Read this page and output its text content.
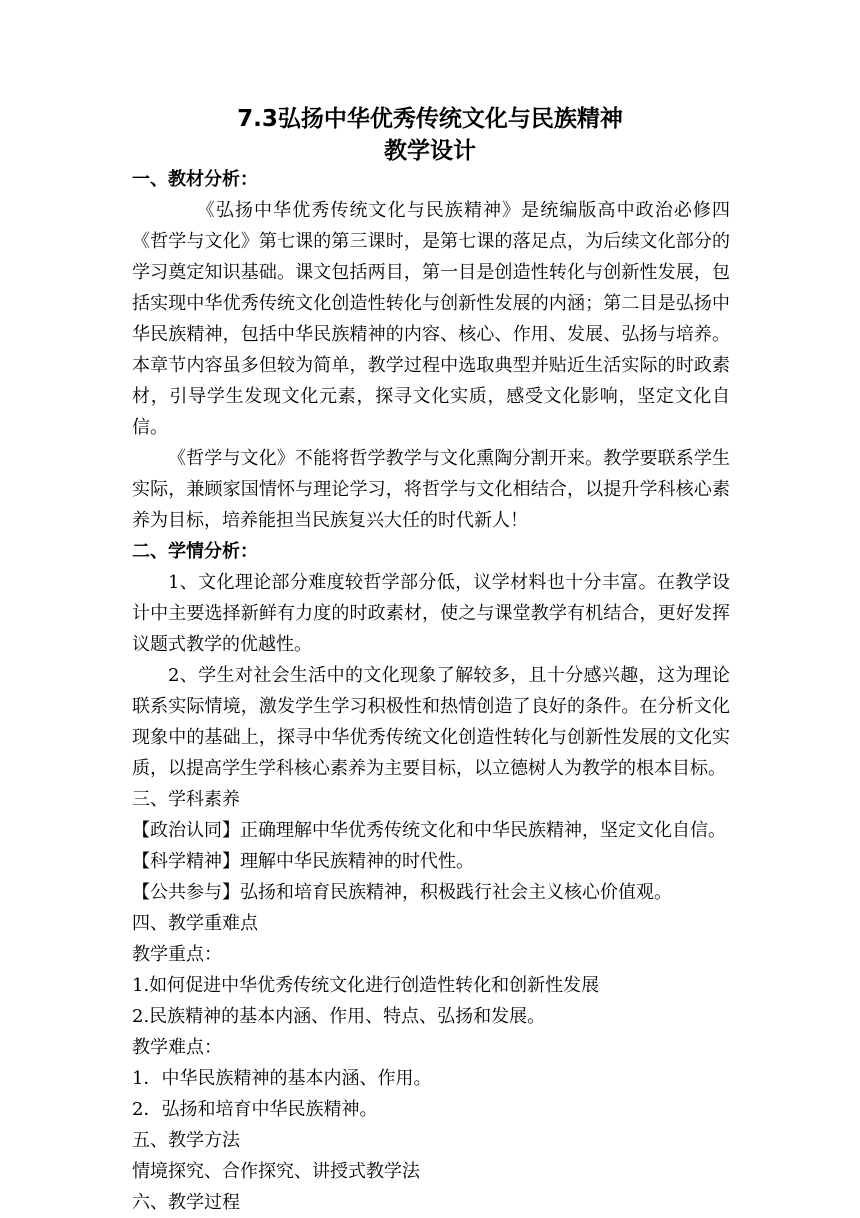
7.3弘扬中华优秀传统文化与民族精神
教学设计

一、教材分析：

《弘扬中华优秀传统文化与民族精神》是统编版高中政治必修四《哲学与文化》第七课的第三课时，是第七课的落足点，为后续文化部分的学习奠定知识基础。课文包括两目，第一目是创造性转化与创新性发展，包括实现中华优秀传统文化创造性转化与创新性发展的内涵；第二目是弘扬中华民族精神，包括中华民族精神的内容、核心、作用、发展、弘扬与培养。本章节内容虽多但较为简单，教学过程中选取典型并贴近生活实际的时政素材，引导学生发现文化元素，探寻文化实质，感受文化影响，坚定文化自信。

《哲学与文化》不能将哲学教学与文化熏陶分割开来。教学要联系学生实际，兼顾家国情怀与理论学习，将哲学与文化相结合，以提升学科核心素养为目标，培养能担当民族复兴大任的时代新人！

二、学情分析：

1、文化理论部分难度较哲学部分低，议学材料也十分丰富。在教学设计中主要选择新鲜有力度的时政素材，使之与课堂教学有机结合，更好发挥议题式教学的优越性。

2、学生对社会生活中的文化现象了解较多，且十分感兴趣，这为理论联系实际情境，激发学生学习积极性和热情创造了良好的条件。在分析文化现象中的基础上，探寻中华优秀传统文化创造性转化与创新性发展的文化实质，以提高学生学科核心素养为主要目标，以立德树人为教学的根本目标。

三、学科素养

【政治认同】正确理解中华优秀传统文化和中华民族精神，坚定文化自信。

【科学精神】理解中华民族精神的时代性。

【公共参与】弘扬和培育民族精神，积极践行社会主义核心价值观。

四、教学重难点

教学重点：

1.如何促进中华优秀传统文化进行创造性转化和创新性发展

2.民族精神的基本内涵、作用、特点、弘扬和发展。

教学难点：

1．中华民族精神的基本内涵、作用。

2．弘扬和培育中华民族精神。

五、教学方法

情境探究、合作探究、讲授式教学法

六、教学过程
